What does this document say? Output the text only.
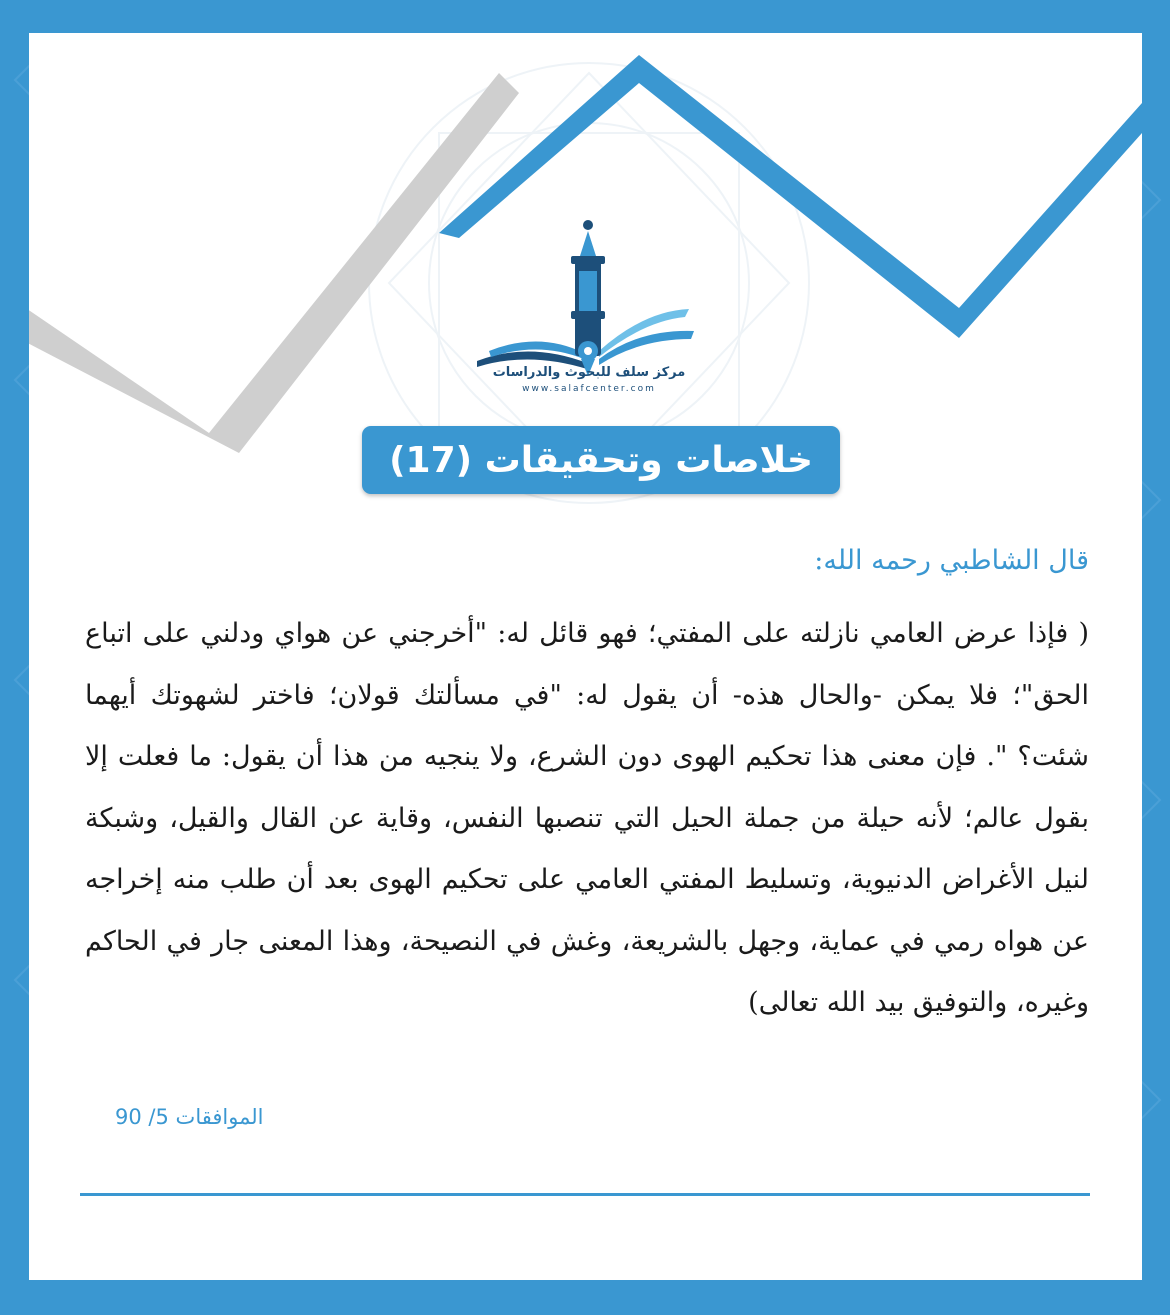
مركز سلف للبحوث والدراسات
www.salafcenter.com
خلاصات وتحقيقات (17)
قال الشاطبي رحمه الله:
( فإذا عرض العامي نازلته على المفتي؛ فهو قائل له: "أخرجني عن هواي ودلني على اتباع الحق"؛ فلا يمكن -والحال هذه- أن يقول له: "في مسألتك قولان؛ فاختر لشهوتك أيهما شئت؟ ". فإن معنى هذا تحكيم الهوى دون الشرع، ولا ينجيه من هذا أن يقول: ما فعلت إلا بقول عالم؛ لأنه حيلة من جملة الحيل التي تنصبها النفس، وقاية عن القال والقيل، وشبكة لنيل الأغراض الدنيوية، وتسليط المفتي العامي على تحكيم الهوى بعد أن طلب منه إخراجه عن هواه رمي في عماية، وجهل بالشريعة، وغش في النصيحة، وهذا المعنى جار في الحاكم وغيره، والتوفيق بيد الله تعالى)
الموافقات 5/ 90
